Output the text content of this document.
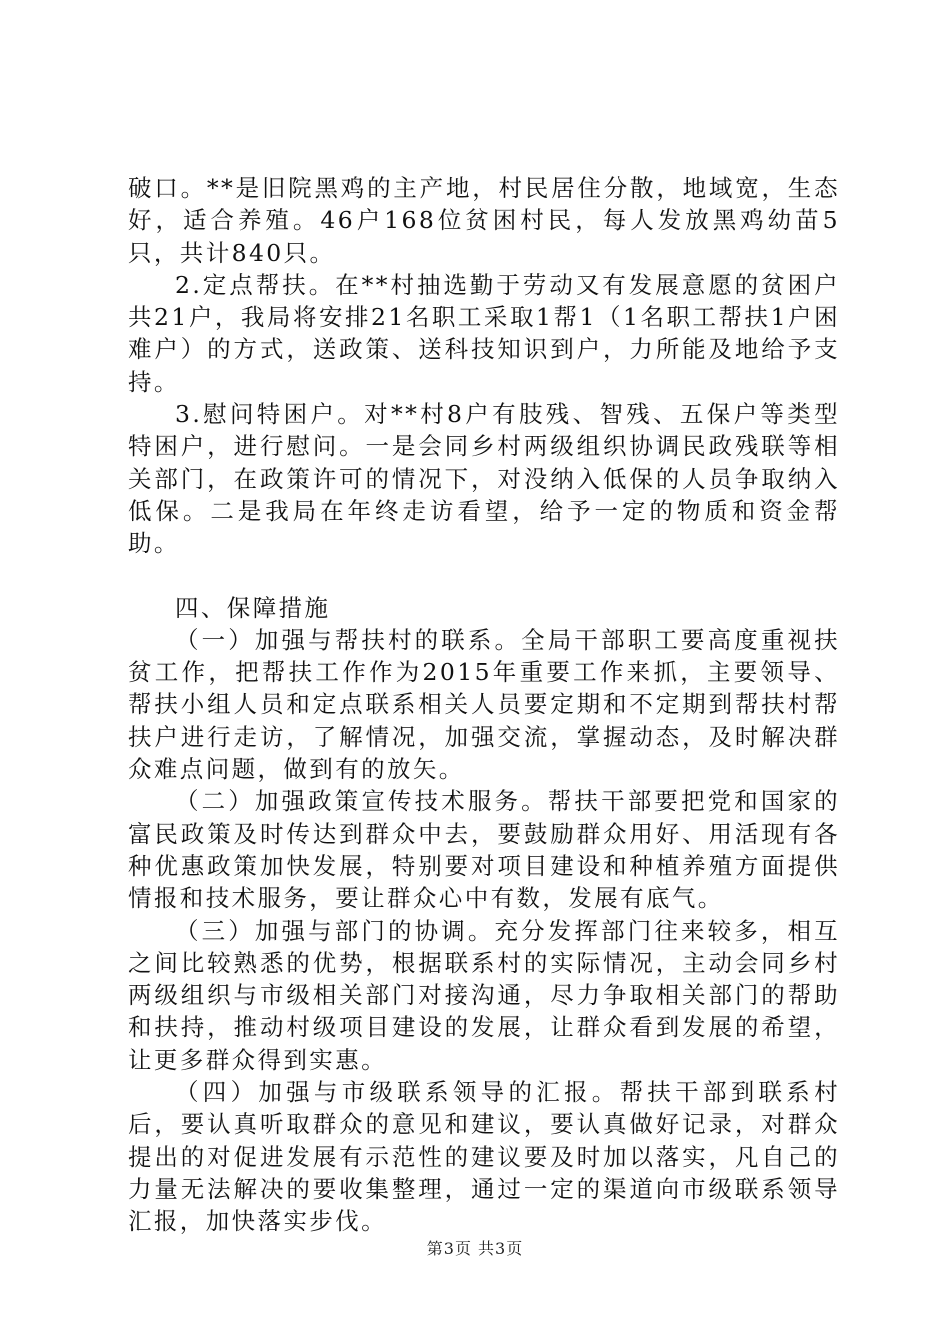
破口。**是旧院黑鸡的主产地，村民居住分散，地域宽，生态好，适合养殖。46户168位贫困村民，每人发放黑鸡幼苗5只，共计840只。

2.定点帮扶。在**村抽选勤于劳动又有发展意愿的贫困户共21户，我局将安排21名职工采取1帮1（1名职工帮扶1户困难户）的方式，送政策、送科技知识到户，力所能及地给予支持。

3.慰问特困户。对**村8户有肢残、智残、五保户等类型特困户，进行慰问。一是会同乡村两级组织协调民政残联等相关部门，在政策许可的情况下，对没纳入低保的人员争取纳入低保。二是我局在年终走访看望，给予一定的物质和资金帮助。

四、保障措施

（一）加强与帮扶村的联系。全局干部职工要高度重视扶贫工作，把帮扶工作作为2015年重要工作来抓，主要领导、帮扶小组人员和定点联系相关人员要定期和不定期到帮扶村帮扶户进行走访，了解情况，加强交流，掌握动态，及时解决群众难点问题，做到有的放矢。

（二）加强政策宣传技术服务。帮扶干部要把党和国家的富民政策及时传达到群众中去，要鼓励群众用好、用活现有各种优惠政策加快发展，特别要对项目建设和种植养殖方面提供情报和技术服务，要让群众心中有数，发展有底气。

（三）加强与部门的协调。充分发挥部门往来较多，相互之间比较熟悉的优势，根据联系村的实际情况，主动会同乡村两级组织与市级相关部门对接沟通，尽力争取相关部门的帮助和扶持，推动村级项目建设的发展，让群众看到发展的希望，让更多群众得到实惠。

（四）加强与市级联系领导的汇报。帮扶干部到联系村后，要认真听取群众的意见和建议，要认真做好记录，对群众提出的对促进发展有示范性的建议要及时加以落实，凡自己的力量无法解决的要收集整理，通过一定的渠道向市级联系领导汇报，加快落实步伐。

第3页 共3页
